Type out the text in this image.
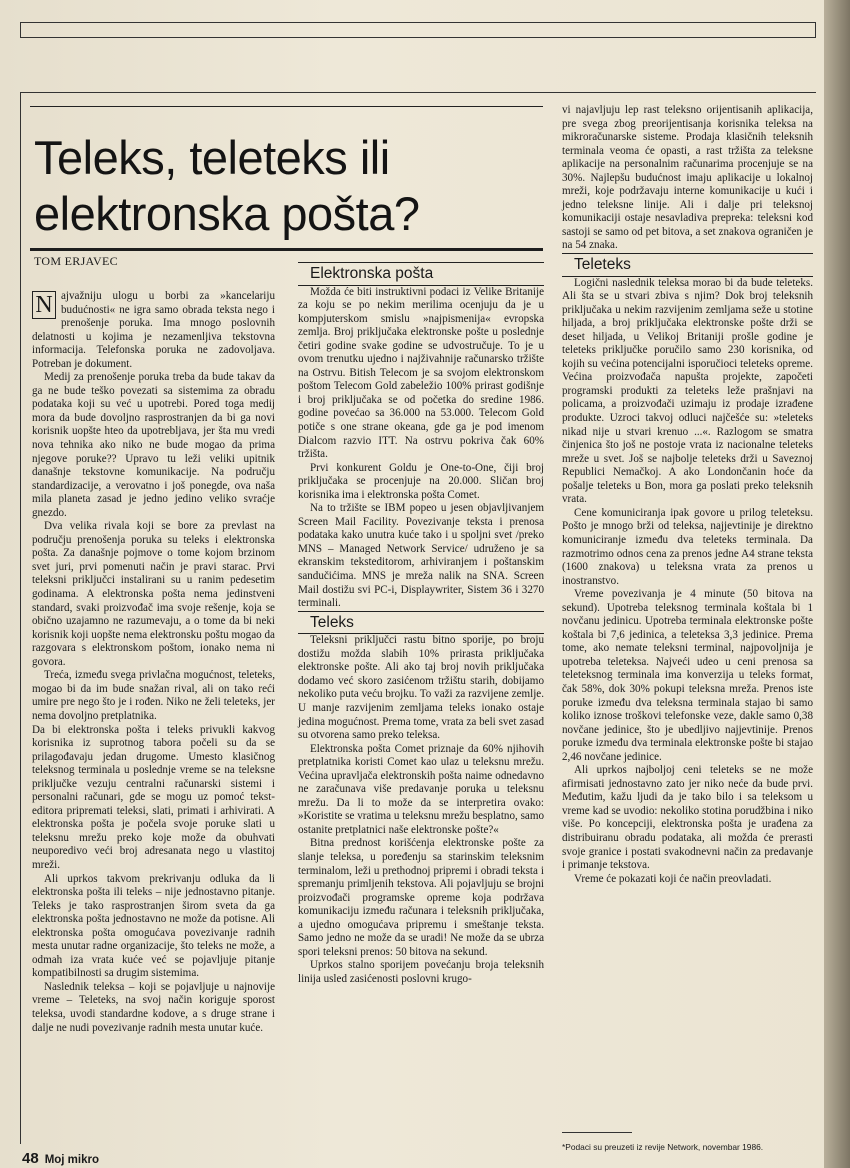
Teleks, teleteks ili elektronska pošta?
TOM ERJAVEC
N ajvažniju ulogu u borbi za »kancelariju budućnosti« ne igra samo obrada teksta nego i prenošenje poruka. Ima mnogo poslovnih delatnosti u kojima je nezamenljiva tekstovna informacija. Telefonska poruka ne zadovoljava. Potreban je dokument.

Medij za prenošenje poruka treba da bude takav da ga ne bude teško povezati sa sistemima za obradu podataka koji su već u upotrebi. Pored toga medij mora da bude dovoljno rasprostranjen da bi ga novi korisnik uopšte hteo da upotrebljava, jer šta mu vredi nova tehnika ako niko ne bude mogao da prima njegove poruke?? Upravo tu leži veliki upitnik današnje tekstovne komunikacije. Na području standardizacije, a verovatno i još ponegde, ova naša mila planeta zasad je jedno jedino veliko svraćje gnezdo.

Dva velika rivala koji se bore za prevlast na području prenošenja poruka su teleks i elektronska pošta. Za današnje pojmove o tome kojom brzinom svet juri, prvi pomenuti način je pravi starac. Prvi teleksni priključci instalirani su u ranim pedesetim godinama. A elektronska pošta nema jedinstveni standard, svaki proizvođač ima svoje rešenje, koja se obično uzajamno ne razumevaju, a o tome da bi neki korisnik koji uopšte nema elektronsku poštu mogao da razgovara s elektronskom poštom, ionako nema ni govora.

Treća, između svega privlačna mogućnost, teleteks, mogao bi da im bude snažan rival, ali on tako reći umire pre nego što je i rođen. Niko ne želi teleteks, jer nema dovoljno pretplatnika.

Da bi elektronska pošta i teleks privukli kakvog korisnika iz suprotnog tabora počeli su da se prilagođavaju jedan drugome. Umesto klasičnog teleksnog terminala u poslednje vreme se na teleksne priključke vezuju centralni računarski sistemi i personalni računari, gde se mogu uz pomoć tekst-editora pripremati teleksi, slati, primati i arhivirati. A elektronska pošta je počela svoje poruke slati u teleksnu mrežu preko koje može da obuhvati neuporedivo veći broj adresanata nego u vlastitoj mreži.

Ali uprkos takvom prekrivanju odluka da li elektronska pošta ili teleks – nije jednostavno pitanje. Teleks je tako rasprostranjen širom sveta da ga elektronska pošta jednostavno ne može da potisne. Ali elektronska pošta omogućava povezivanje radnih mesta unutar radne organizacije, što teleks ne može, a odmah iza vrata kuće već se pojavljuje pitanje kompatibilnosti sa drugim sistemima.

Naslednik teleksa – koji se pojavljuje u najnovije vreme – Teleteks, na svoj način koriguje sporost teleksa, uvodi standardne kodove, a s druge strane i dalje ne nudi povezivanje radnih mesta unutar kuće.

Elektronska pošta

Možda će biti instruktivni podaci iz Velike Britanije za koju se po nekim merilima ocenjuju da je u kompjuterskom smislu »najpismenija« evropska zemlja. Broj priključaka elektronske pošte u poslednje četiri godine svake godine se udvostručuje. To je u ovom trenutku ujedno i najživahnije računarsko tržište na Ostrvu. Bitish Telecom je sa svojom elektronskom poštom Telecom Gold zabeležio 100% prirast godišnje i broj priključaka se od početka do sredine 1986. godine povećao sa 36.000 na 53.000. Telecom Gold potiče s one strane okeana, gde ga je pod imenom Dialcom razvio ITT. Na ostrvu pokriva čak 60% tržišta.

Prvi konkurent Goldu je One-to-One, čiji broj priključaka se procenjuje na 20.000. Sličan broj korisnika ima i elektronska pošta Comet.

Na to tržište se IBM popeo u jesen objavljivanjem Screen Mail Facility. Povezivanje teksta i prenosa podataka kako unutra kuće tako i u spoljni svet /preko MNS – Managed Network Service/ udruženo je sa ekranskim teksteditorom, arhiviranjem i poštanskim sandučićima. MNS je mreža nalik na SNA. Screen Mail dostižu svi PC-i, Displaywriter, Sistem 36 i 3270 terminali.

Teleks

Teleksni priključci rastu bitno sporije, po broju dostižu možda slabih 10% prirasta priključaka elektronske pošte. Ali ako taj broj novih priključaka dodamo već skoro zasićenom tržištu starih, dobijamo nekoliko puta veću brojku. To važi za razvijene zemlje. U manje razvijenim zemljama teleks ionako ostaje jedina mogućnost. Prema tome, vrata za beli svet zasad su otvorena samo preko teleksa.

Elektronska pošta Comet priznaje da 60% njihovih pretplatnika koristi Comet kao ulaz u teleksnu mrežu. Većina upravljača elektronskih pošta naime odnedavno ne zaračunava više predavanje poruka u teleksnu mrežu. Da li to može da se interpretira ovako: »Koristite se vratima u teleksnu mrežu besplatno, samo ostanite pretplatnici naše elektronske pošte?«

Bitna prednost korišćenja elektronske pošte za slanje teleksa, u poređenju sa starinskim teleksnim terminalom, leži u prethodnoj pripremi i obradi teksta i spremanju primljenih tekstova. Ali pojavljuju se brojni proizvođači programske opreme koja podržava komunikaciju između računara i teleksnih priključaka, a ujedno omogućava pripremu i smeštanje teksta. Samo jedno ne može da se uradi! Ne može da se ubrza spori teleksni prenos: 50 bitova na sekund.

Uprkos stalno sporijem povećanju broja teleksnih linija usled zasićenosti poslovni krugo-

vi najavljuju lep rast teleksno orijentisanih aplikacija, pre svega zbog preorijentisanja korisnika teleksa na mikroračunarske sisteme. Prodaja klasičnih teleksnih terminala veoma će opasti, a rast tržišta za teleksne aplikacije na personalnim računarima procenjuje se na 30%. Najlepšu budućnost imaju aplikacije u lokalnoj mreži, koje podržavaju interne komunikacije u kući i jedno teleksne linije. Ali i dalje pri teleksnoj komunikaciji ostaje nesavladiva prepreka: teleksni kod sastoji se samo od pet bitova, a set znakova ograničen je na 54 znaka.

Teleteks

Logični naslednik teleksa morao bi da bude teleteks. Ali šta se u stvari zbiva s njim? Dok broj teleksnih priključaka u nekim razvijenim zemljama seže u stotine hiljada, a broj priključaka elektronske pošte drži se deset hiljada, u Velikoj Britaniji prošle godine je teleteks priključke poručilo samo 230 korisnika, od kojih su većina potencijalni isporučioci teleteks opreme. Većina proizvođača napušta projekte, započeti programski produkti za teleteks leže prašnjavi na policama, a proizvođači uzimaju iz prodaje izrađene produkte. Uzroci takvoj odluci najčešće su: »teleteks nikad nije u stvari krenuo ...«. Razlogom se smatra činjenica što još ne postoje vrata iz nacionalne teleteks mreže u svet. Još se najbolje teleteks drži u Saveznoj Republici Nemačkoj. A ako Londončanin hoće da pošalje teleteks u Bon, mora ga poslati preko teleksnih vrata.

Cene komuniciranja ipak govore u prilog teleteksu. Pošto je mnogo brži od teleksa, najjevtinije je direktno komuniciranje između dva teleteks terminala. Da razmotrimo odnos cena za prenos jedne A4 strane teksta (1600 znakova) u teleksna vrata za prenos u inostranstvo.

Vreme povezivanja je 4 minute (50 bitova na sekund). Upotreba teleksnog terminala koštala bi 1 novčanu jedinicu. Upotreba terminala elektronske pošte koštala bi 7,6 jedinica, a teleteksa 3,3 jedinice. Prema tome, ako nemate teleksni terminal, najpovoljnija je upotreba teleteksa. Najveći udeo u ceni prenosa sa teleteksnog terminala ima konverzija u teleks format, čak 58%, dok 30% pokupi teleksna mreža. Prenos iste poruke između dva teleksna terminala stajao bi samo koliko iznose troškovi telefonske veze, dakle samo 0,38 novčane jedinice, što je ubedljivo najjevtinije. Prenos poruke između dva terminala elektronske pošte bi stajao 2,46 novčane jedinice.

Ali uprkos najboljoj ceni teleteks se ne može afirmisati jednostavno zato jer niko neće da bude prvi. Međutim, kažu ljudi da je tako bilo i sa teleksom u vreme kad se uvodio: nekoliko stotina porudžbina i niko više. Po koncepciji, elektronska pošta je urađena za distribuiranu obradu podataka, ali možda će prerasti svoje granice i postati svakodnevni način za predavanje i primanje tekstova.

Vreme će pokazati koji će način preovladati.

*Podaci su preuzeti iz revije Network, novembar 1986.
48 Moj mikro
